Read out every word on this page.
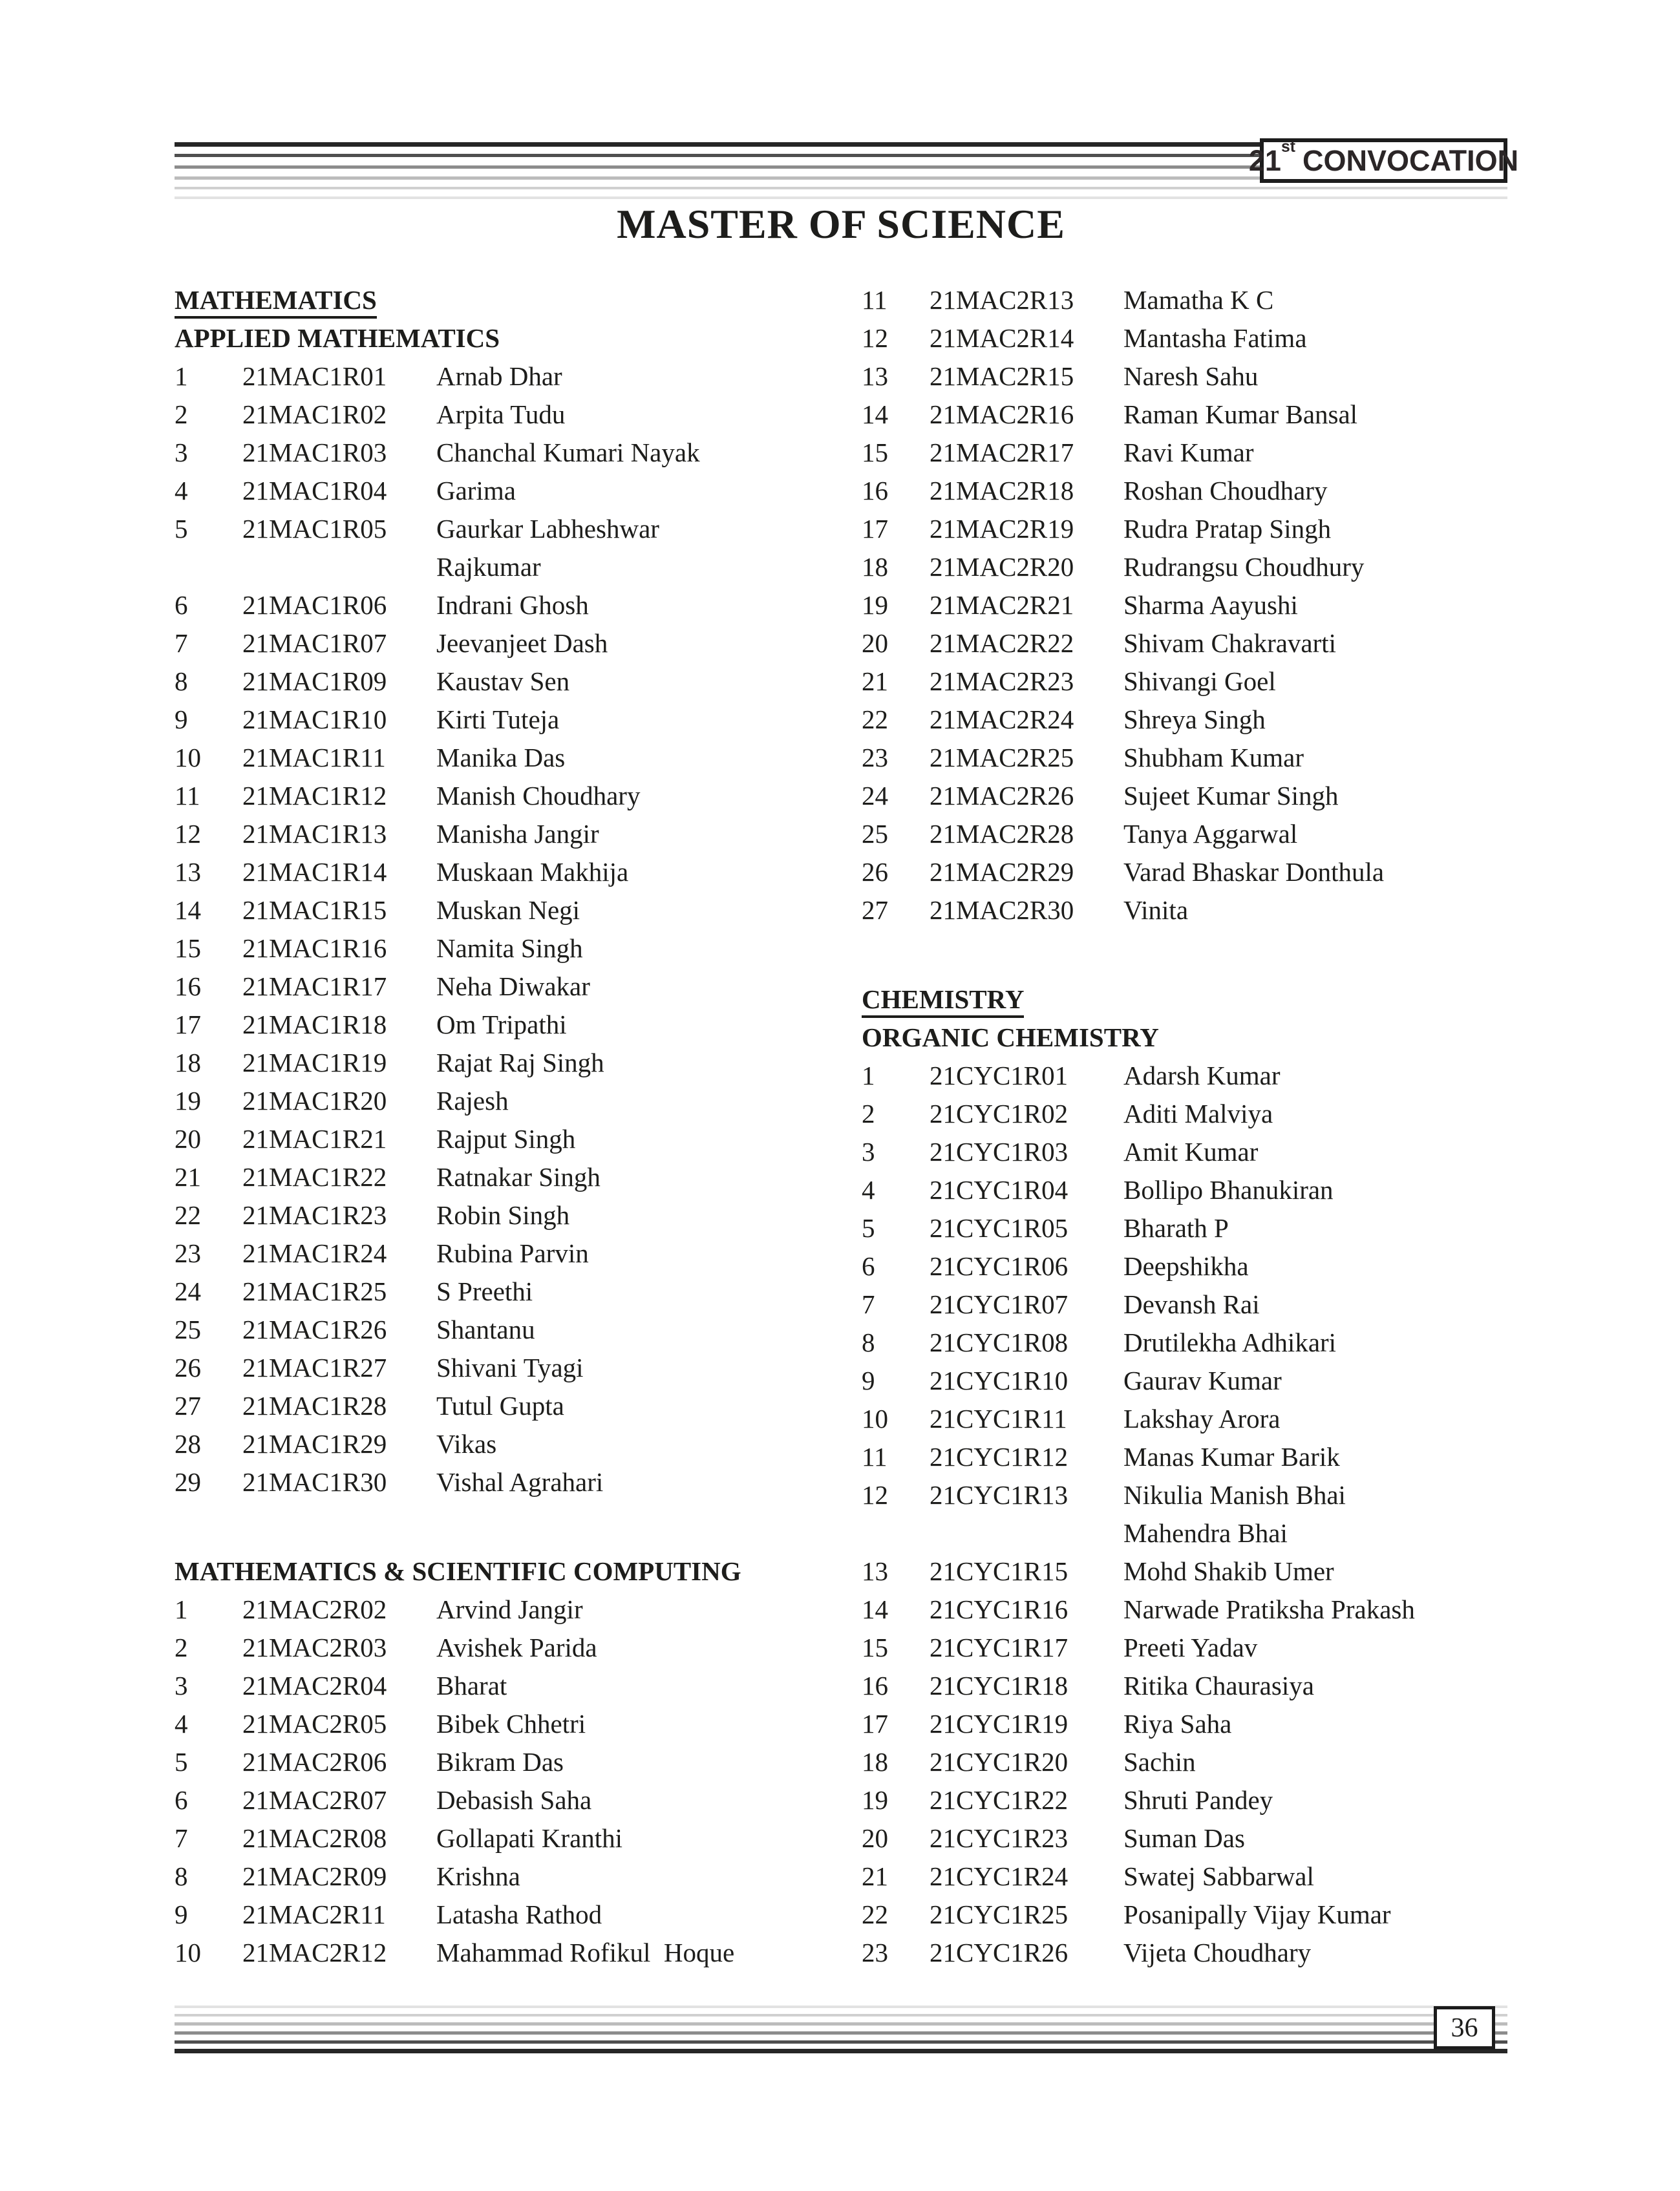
21st CONVOCATION
MASTER OF SCIENCE
MATHEMATICS
APPLIED MATHEMATICS
1	21MAC1R01	Arnab Dhar
2	21MAC1R02	Arpita Tudu
3	21MAC1R03	Chanchal Kumari Nayak
4	21MAC1R04	Garima
5	21MAC1R05	Gaurkar Labheshwar
Rajkumar
6	21MAC1R06	Indrani Ghosh
7	21MAC1R07	Jeevanjeet Dash
8	21MAC1R09	Kaustav Sen
9	21MAC1R10	Kirti Tuteja
10	21MAC1R11	Manika Das
11	21MAC1R12	Manish Choudhary
12	21MAC1R13	Manisha Jangir
13	21MAC1R14	Muskaan Makhija
14	21MAC1R15	Muskan Negi
15	21MAC1R16	Namita Singh
16	21MAC1R17	Neha Diwakar
17	21MAC1R18	Om Tripathi
18	21MAC1R19	Rajat Raj Singh
19	21MAC1R20	Rajesh
20	21MAC1R21	Rajput Singh
21	21MAC1R22	Ratnakar Singh
22	21MAC1R23	Robin Singh
23	21MAC1R24	Rubina Parvin
24	21MAC1R25	S Preethi
25	21MAC1R26	Shantanu
26	21MAC1R27	Shivani Tyagi
27	21MAC1R28	Tutul Gupta
28	21MAC1R29	Vikas
29	21MAC1R30	Vishal Agrahari
MATHEMATICS & SCIENTIFIC COMPUTING
1	21MAC2R02	Arvind Jangir
2	21MAC2R03	Avishek Parida
3	21MAC2R04	Bharat
4	21MAC2R05	Bibek Chhetri
5	21MAC2R06	Bikram Das
6	21MAC2R07	Debasish Saha
7	21MAC2R08	Gollapati Kranthi
8	21MAC2R09	Krishna
9	21MAC2R11	Latasha Rathod
10	21MAC2R12	Mahammad Rofikul  Hoque
11	21MAC2R13	Mamatha K C
12	21MAC2R14	Mantasha Fatima
13	21MAC2R15	Naresh Sahu
14	21MAC2R16	Raman Kumar Bansal
15	21MAC2R17	Ravi Kumar
16	21MAC2R18	Roshan Choudhary
17	21MAC2R19	Rudra Pratap Singh
18	21MAC2R20	Rudrangsu Choudhury
19	21MAC2R21	Sharma Aayushi
20	21MAC2R22	Shivam Chakravarti
21	21MAC2R23	Shivangi Goel
22	21MAC2R24	Shreya Singh
23	21MAC2R25	Shubham Kumar
24	21MAC2R26	Sujeet Kumar Singh
25	21MAC2R28	Tanya Aggarwal
26	21MAC2R29	Varad Bhaskar Donthula
27	21MAC2R30	Vinita
CHEMISTRY
ORGANIC CHEMISTRY
1	21CYC1R01	Adarsh Kumar
2	21CYC1R02	Aditi Malviya
3	21CYC1R03	Amit Kumar
4	21CYC1R04	Bollipo Bhanukiran
5	21CYC1R05	Bharath P
6	21CYC1R06	Deepshikha
7	21CYC1R07	Devansh Rai
8	21CYC1R08	Drutilekha Adhikari
9	21CYC1R10	Gaurav Kumar
10	21CYC1R11	Lakshay Arora
11	21CYC1R12	Manas Kumar Barik
12	21CYC1R13	Nikulia Manish Bhai
Mahendra Bhai
13	21CYC1R15	Mohd Shakib Umer
14	21CYC1R16	Narwade Pratiksha Prakash
15	21CYC1R17	Preeti Yadav
16	21CYC1R18	Ritika Chaurasiya
17	21CYC1R19	Riya Saha
18	21CYC1R20	Sachin
19	21CYC1R22	Shruti Pandey
20	21CYC1R23	Suman Das
21	21CYC1R24	Swatej Sabbarwal
22	21CYC1R25	Posanipally Vijay Kumar
23	21CYC1R26	Vijeta Choudhary
36
